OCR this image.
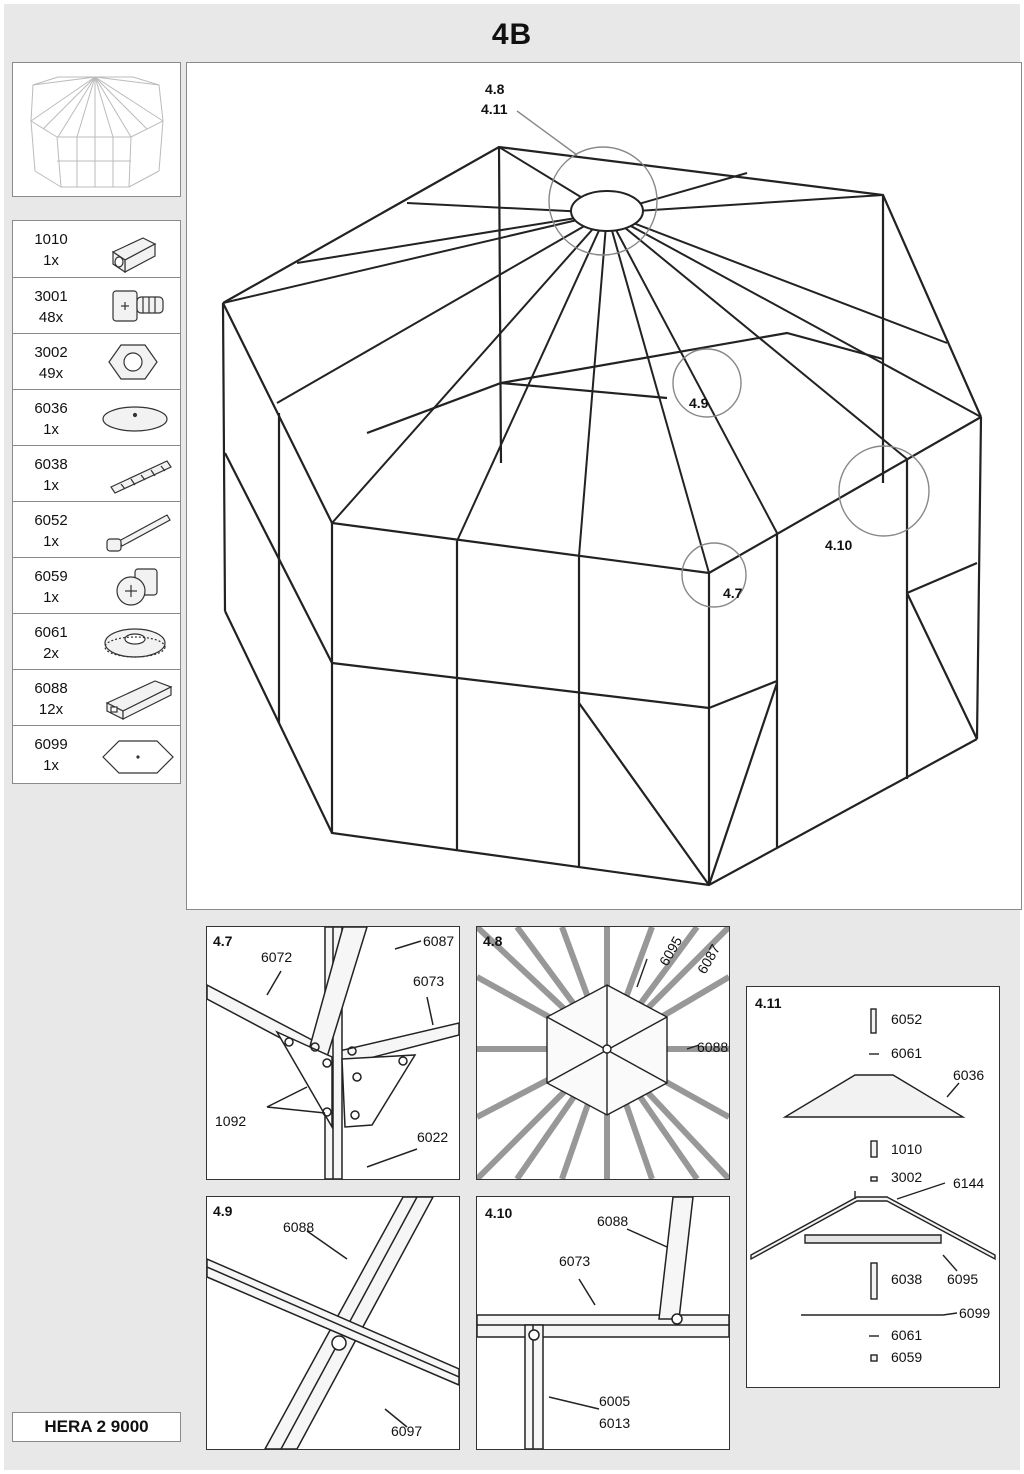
4B
1010
1x
3001
48x
3002
49x
6036
1x
6038
1x
6052
1x
6059
1x
6061
2x
6088
12x
6099
1x
HERA 2 9000
4.8
4.11
4.9
4.10
4.7
4.7	6087
6072
6073
1092
6022
4.8	6095 6087
6088
4.9
6088
6097
4.10	6088
6073
6005
6013
4.11
6052
6061
6036
1010
3002 6144
6038 6095
6099
6061
6059
